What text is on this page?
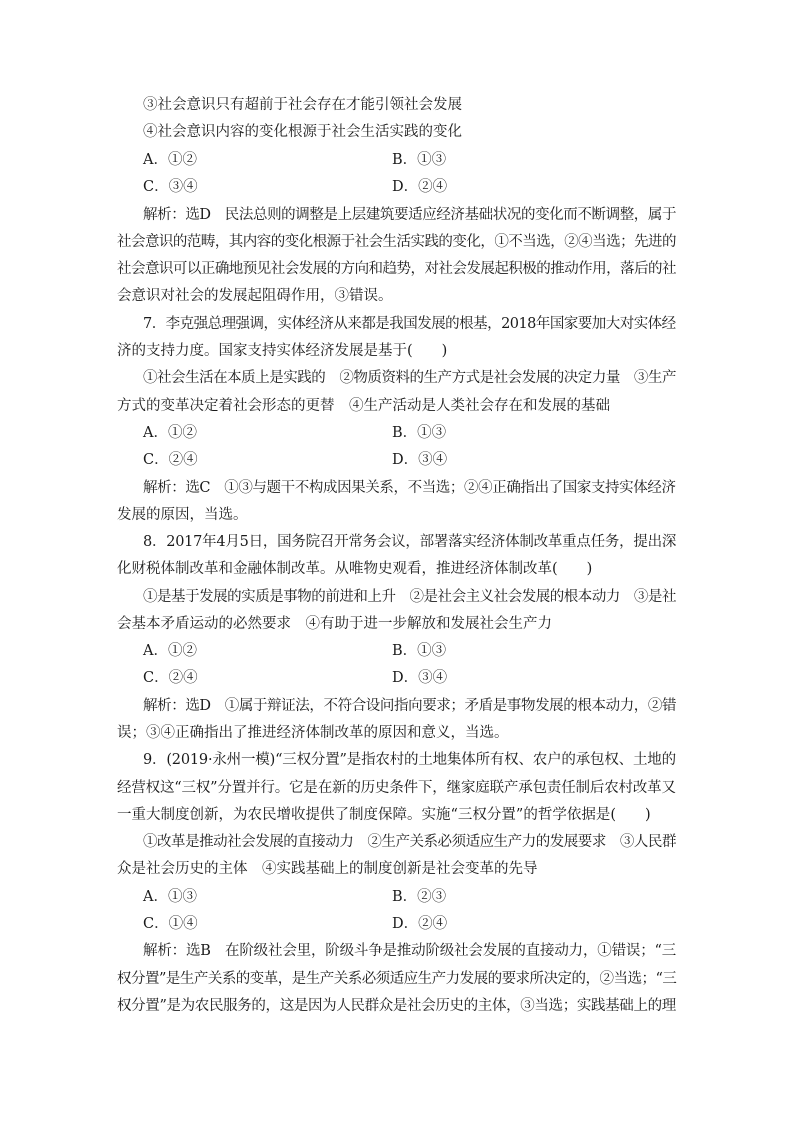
③社会意识只有超前于社会存在才能引领社会发展
④社会意识内容的变化根源于社会生活实践的变化
A．①②	B．①③
C．③④	D．②④
解析：选D　民法总则的调整是上层建筑要适应经济基础状况的变化而不断调整，属于
社会意识的范畴，其内容的变化根源于社会生活实践的变化，①不当选，②④当选；先进的
社会意识可以正确地预见社会发展的方向和趋势，对社会发展起积极的推动作用，落后的社
会意识对社会的发展起阻碍作用，③错误。
7．李克强总理强调，实体经济从来都是我国发展的根基，2018年国家要加大对实体经
济的支持力度。国家支持实体经济发展是基于(　　)
①社会生活在本质上是实践的　②物质资料的生产方式是社会发展的决定力量　③生产
方式的变革决定着社会形态的更替　④生产活动是人类社会存在和发展的基础
A．①②	B．①③
C．②④	D．③④
解析：选C　①③与题干不构成因果关系，不当选；②④正确指出了国家支持实体经济
发展的原因，当选。
8．2017年4月5日，国务院召开常务会议，部署落实经济体制改革重点任务，提出深
化财税体制改革和金融体制改革。从唯物史观看，推进经济体制改革(　　)
①是基于发展的实质是事物的前进和上升　②是社会主义社会发展的根本动力　③是社
会基本矛盾运动的必然要求　④有助于进一步解放和发展社会生产力
A．①②	B．①③
C．②④	D．③④
解析：选D　①属于辩证法，不符合设问指向要求；矛盾是事物发展的根本动力，②错
误；③④正确指出了推进经济体制改革的原因和意义，当选。
9．(2019·永州一模)“三权分置”是指农村的土地集体所有权、农户的承包权、土地的
经营权这“三权”分置并行。它是在新的历史条件下，继家庭联产承包责任制后农村改革又
一重大制度创新，为农民增收提供了制度保障。实施“三权分置”的哲学依据是(　　)
①改革是推动社会发展的直接动力　②生产关系必须适应生产力的发展要求　③人民群
众是社会历史的主体　④实践基础上的制度创新是社会变革的先导
A．①③	B．②③
C．①④	D．②④
解析：选B　在阶级社会里，阶级斗争是推动阶级社会发展的直接动力，①错误；“三
权分置”是生产关系的变革，是生产关系必须适应生产力发展的要求所决定的，②当选；“三
权分置”是为农民服务的，这是因为人民群众是社会历史的主体，③当选；实践基础上的理
